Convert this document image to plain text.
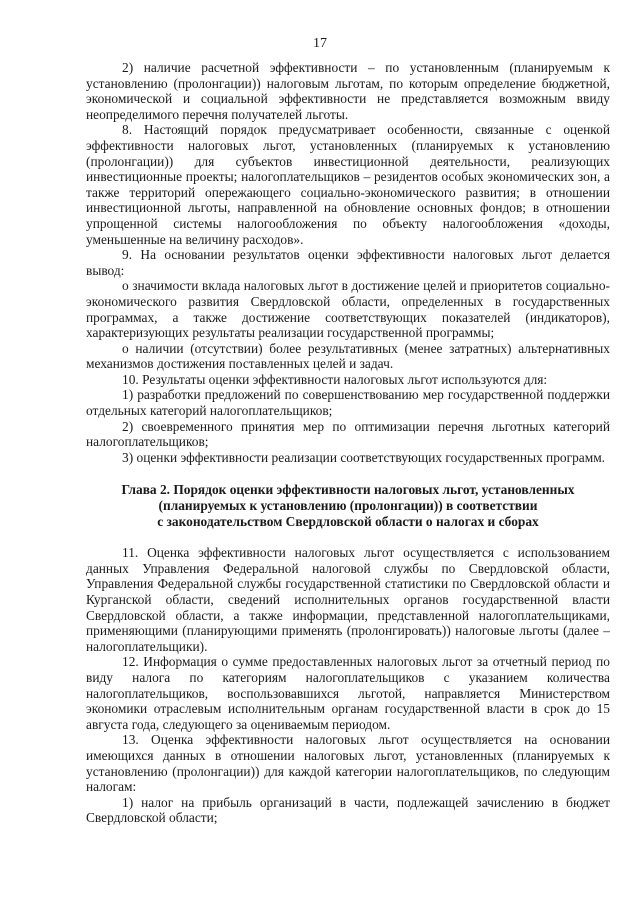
17

2) наличие расчетной эффективности – по установленным (планируемым к установлению (пролонгации)) налоговым льготам, по которым определение бюджетной, экономической и социальной эффективности не представляется возможным ввиду неопределимого перечня получателей льготы.

8. Настоящий порядок предусматривает особенности, связанные с оценкой эффективности налоговых льгот, установленных (планируемых к установлению (пролонгации)) для субъектов инвестиционной деятельности, реализующих инвестиционные проекты; налогоплательщиков – резидентов особых экономических зон, а также территорий опережающего социально-экономического развития; в отношении инвестиционной льготы, направленной на обновление основных фондов; в отношении упрощенной системы налогообложения по объекту налогообложения «доходы, уменьшенные на величину расходов».

9. На основании результатов оценки эффективности налоговых льгот делается вывод:

о значимости вклада налоговых льгот в достижение целей и приоритетов социально-экономического развития Свердловской области, определенных в государственных программах, а также достижение соответствующих показателей (индикаторов), характеризующих результаты реализации государственной программы;

о наличии (отсутствии) более результативных (менее затратных) альтернативных механизмов достижения поставленных целей и задач.

10. Результаты оценки эффективности налоговых льгот используются для:

1) разработки предложений по совершенствованию мер государственной поддержки отдельных категорий налогоплательщиков;

2) своевременного принятия мер по оптимизации перечня льготных категорий налогоплательщиков;

3) оценки эффективности реализации соответствующих государственных программ.

Глава 2. Порядок оценки эффективности налоговых льгот, установленных
(планируемых к установлению (пролонгации)) в соответствии
с законодательством Свердловской области о налогах и сборах

11. Оценка эффективности налоговых льгот осуществляется с использованием данных Управления Федеральной налоговой службы по Свердловской области, Управления Федеральной службы государственной статистики по Свердловской области и Курганской области, сведений исполнительных органов государственной власти Свердловской области, а также информации, представленной налогоплательщиками, применяющими (планирующими применять (пролонгировать)) налоговые льготы (далее – налогоплательщики).

12. Информация о сумме предоставленных налоговых льгот за отчетный период по виду налога по категориям налогоплательщиков с указанием количества налогоплательщиков, воспользовавшихся льготой, направляется Министерством экономики отраслевым исполнительным органам государственной власти в срок до 15 августа года, следующего за оцениваемым периодом.

13. Оценка эффективности налоговых льгот осуществляется на основании имеющихся данных в отношении налоговых льгот, установленных (планируемых к установлению (пролонгации)) для каждой категории налогоплательщиков, по следующим налогам:

1) налог на прибыль организаций в части, подлежащей зачислению в бюджет Свердловской области;
